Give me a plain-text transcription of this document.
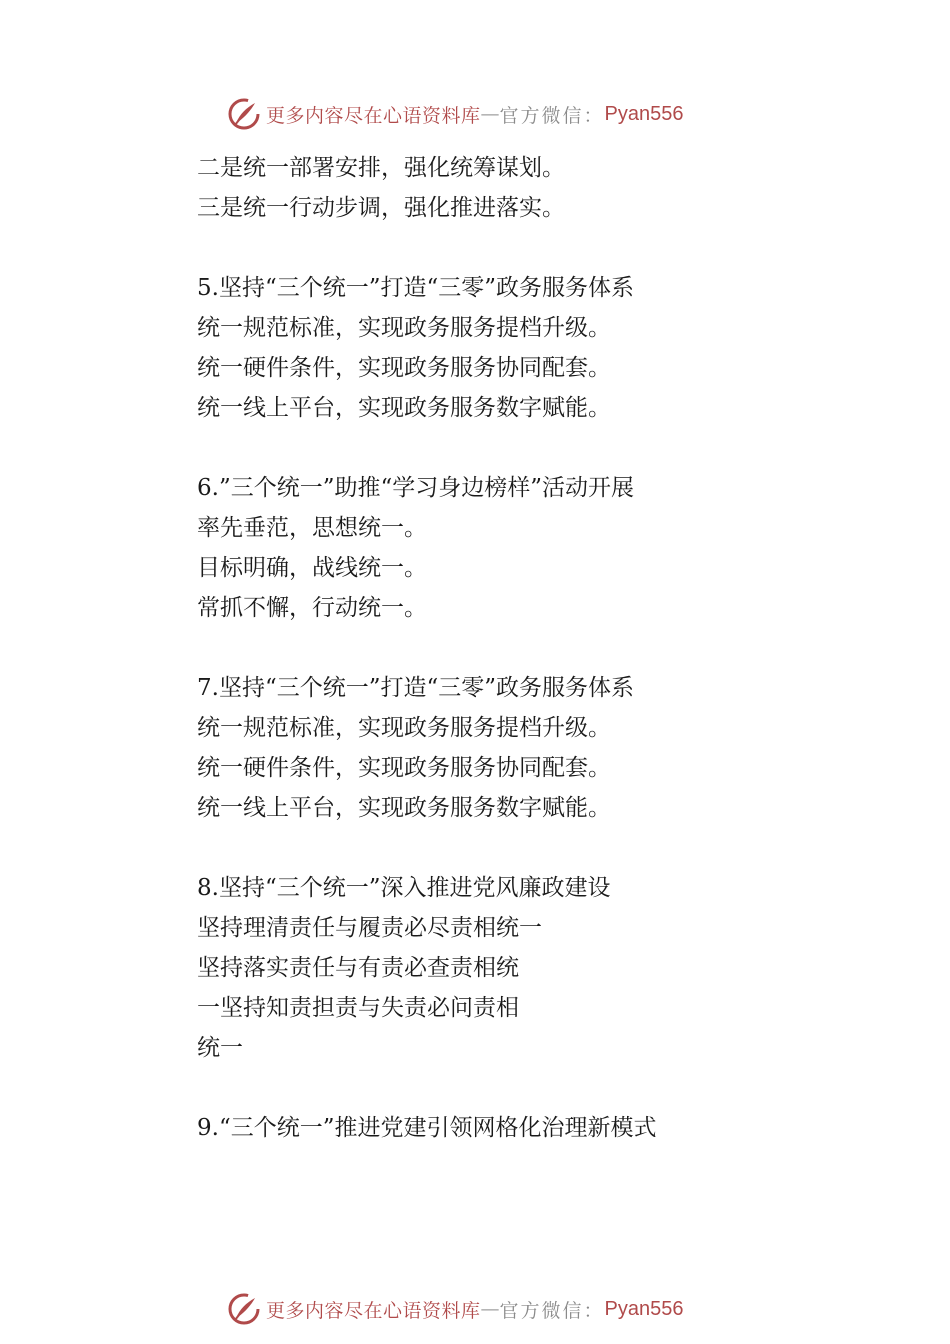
更多内容尽在心语资料库 — 官方微信： Pyan556
二是统一部署安排，强化统筹谋划。
三是统一行动步调，强化推进落实。
5.坚持“三个统一”打造“三零”政务服务体系
统一规范标准，实现政务服务提档升级。
统一硬件条件，实现政务服务协同配套。
统一线上平台，实现政务服务数字赋能。
6.”三个统一”助推“学习身边榜样”活动开展
率先垂范，思想统一。
目标明确，战线统一。
常抓不懈，行动统一。
7.坚持“三个统一”打造“三零”政务服务体系
统一规范标准，实现政务服务提档升级。
统一硬件条件，实现政务服务协同配套。
统一线上平台，实现政务服务数字赋能。
8.坚持“三个统一”深入推进党风廉政建设
坚持理清责任与履责必尽责相统一
坚持落实责任与有责必查责相统
一坚持知责担责与失责必问责相
统一
9.“三个统一”推进党建引领网格化治理新模式
更多内容尽在心语资料库 — 官方微信： Pyan556
